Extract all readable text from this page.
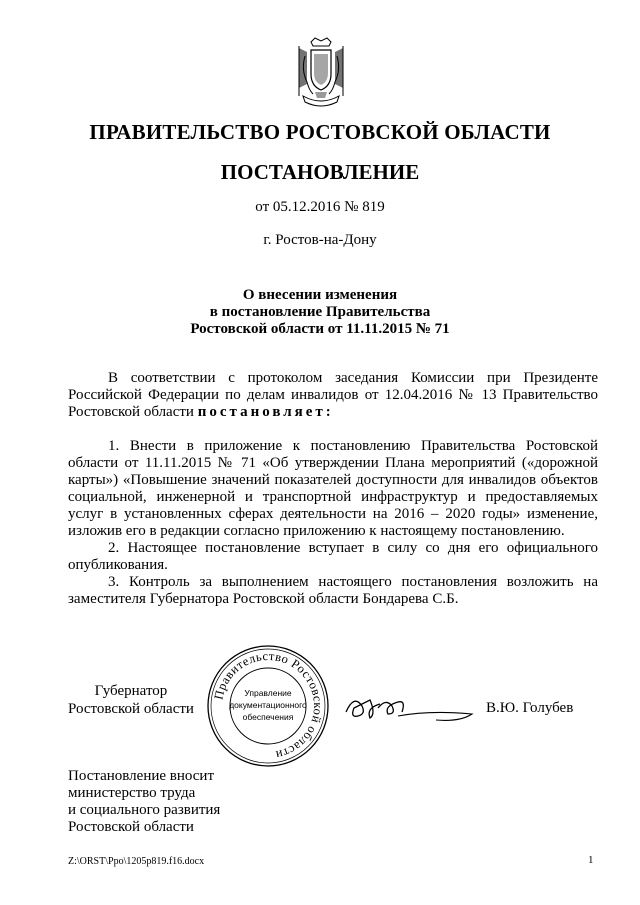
ПРАВИТЕЛЬСТВО РОСТОВСКОЙ ОБЛАСТИ
ПОСТАНОВЛЕНИЕ
от 05.12.2016 № 819
г. Ростов-на-Дону
О внесении изменения
в постановление Правительства
Ростовской области от 11.11.2015 № 71
В соответствии с протоколом заседания Комиссии при Президенте Российской Федерации по делам инвалидов от 12.04.2016 № 13 Правительство Ростовской области постановляет:

1. Внести в приложение к постановлению Правительства Ростовской области от 11.11.2015 № 71 «Об утверждении Плана мероприятий («дорожной карты») «Повышение значений показателей доступности для инвалидов объектов социальной, инженерной и транспортной инфраструктур и предоставляемых услуг в установленных сферах деятельности на 2016 – 2020 годы» изменение, изложив его в редакции согласно приложению к настоящему постановлению.

2. Настоящее постановление вступает в силу со дня его официального опубликования.

3. Контроль за выполнением настоящего постановления возложить на заместителя Губернатора Ростовской области Бондарева С.Б.

Губернатор
Ростовской области
Правительство Ростовской области
Управление
документационного
обеспечения
В.Ю. Голубев
Постановление вносит
министерство труда
и социального развития
Ростовской области
Z:\ORST\Ppo\1205p819.f16.docx	1
